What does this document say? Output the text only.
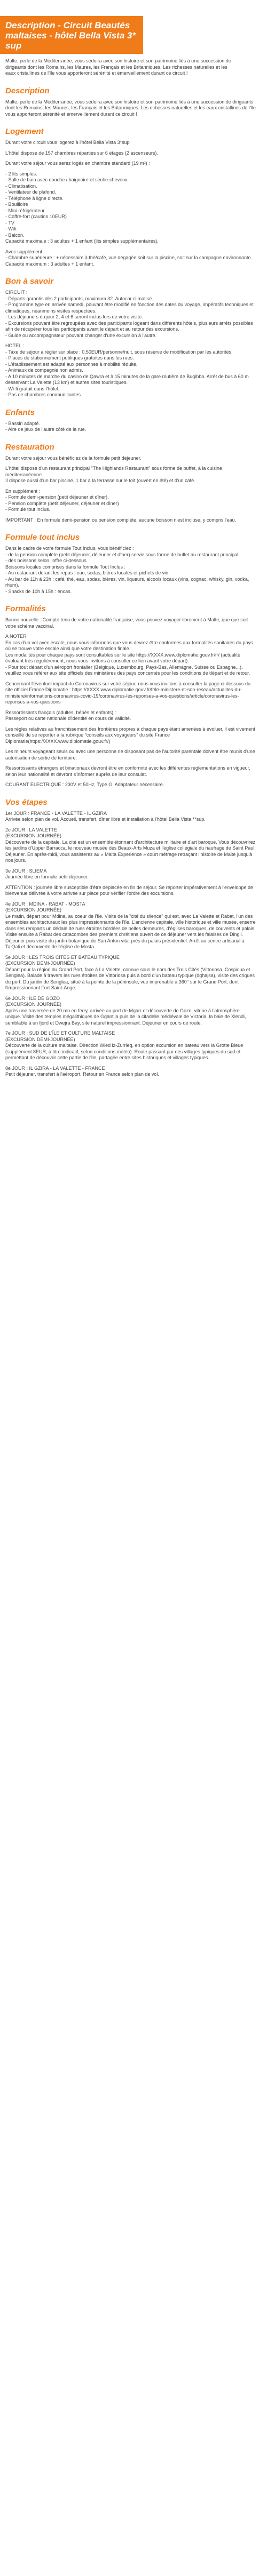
Description - Circuit Beautés maltaises - hôtel Bella Vista 3* sup
Malte, perle de la Méditerranée, vous séduira avec son histoire et son patrimoine liés à une succession de dirigeants dont les Romains, les Maures, les Français et les Britanniques. Les richesses naturelles et les eaux cristallines de l'île vous apporteront sérénité et émerveillement durant ce circuit !
Description

Malte, perle de la Méditerranée, vous séduira avec son histoire et son patrimoine liés à une succession de dirigeants dont les Romains, les Maures, les Français et les Britanniques. Les richesses naturelles et les eaux cristallines de l'île vous apporteront sérénité et émerveillement durant ce circuit !

Logement

Durant votre circuit vous logerez à l'hôtel Bella Vista 3*sup

L'hôtel dispose de 157 chambres réparties sur 6 étages (2 ascenseurs).

Durant votre séjour vous serez logés en chambre standard (19 m²) :

- 2 lits simples.

- Salle de bain avec douche / baignoire et sèche-cheveux.

- Climatisation.

- Ventilateur de plafond.

- Téléphone à ligne directe.

- Bouilloire

- Mini réfrigérateur

- Coffre-fort (caution 10EUR)

- TV

- Wifi.

- Balcon.

Capacité maximale : 3 adultes + 1 enfant (lits simples supplémentaires).

Avec supplément :

- Chambre supérieure : + nécessaire à thé/café, vue dégagée soit sur la piscine, soit sur la campagne environnante. Capacité maximum : 3 adultes + 1 enfant.

Bon à savoir

CIRCUIT :

- Départs garantis dès 2 participants, maximum 32. Autocar climatisé.

- Programme type en arrivée samedi, pouvant être modifié en fonction des dates du voyage, impératifs techniques et climatiques, néanmoins visites respectées.

- Les déjeuners du jour 2, 4 et 6 seront inclus lors de votre visite.

- Excursions pouvant être regroupées avec des participants logeant dans différents hôtels, plusieurs arrêts possibles afin de récupérer tous les participants avant le départ et au retour des excursions.

- Guide ou accompagnateur pouvant changer d'une excursion à l'autre.

HOTEL :

- Taxe de séjour à régler sur place : 0,50EUR/personne/nuit, sous réserve de modification par les autorités

- Places de stationnement publiques gratuites dans les rues.

- L'établissement est adapté aux personnes à mobilité réduite.

- Animaux de compagnie non admis.

- A 10 minutes de marche du casino de Qawra et à 15 minutes de la gare routière de Bugibba. Arrêt de bus à 60 m desservant La Valette (13 km) et autres sites touristiques.

- Wi-fi gratuit dans l'hôtel.

- Pas de chambres communicantes.

Enfants

- Bassin adapté.

- Aire de jeux de l'autre côté de la rue.

Restauration

Durant votre séjour vous bénéficiez de la formule petit déjeuner.

L'hôtel dispose d'un restaurant principal "The Highlands Restaurant" sous forme de buffet, à la cuisine méditerranéenne.

Il dispose aussi d'un bar piscine, 1 bar à la terrasse sur le toit (ouvert en été) et d'un café.

En supplément :

- Formule demi-pension (petit déjeuner et dîner).

- Pension complète (petit déjeuner, déjeuner et dîner)

- Formule tout inclus.

IMPORTANT : En formule demi-pension ou pension complète, aucune boisson n'est incluse, y compris l'eau.

Formule tout inclus

Dans le cadre de votre formule Tout Inclus, vous bénéficiez :

- de la pension complète (petit déjeuner, déjeuner et dîner) servie sous forme de buffet au restaurant principal.

- des boissons selon l'offre ci-dessous.

Boissons locales comprises dans la formule Tout Inclus :

- Au restaurant durant les repas : eau, sodas, bières locales et pichets de vin.

- Au bar de 11h à 23h : café, thé, eau, sodas, bières, vin, liqueurs, alcools locaux (vins, cognac, whisky, gin, vodka, rhum).

- Snacks de 10h à 15h : encas.

Formalités

Bonne nouvelle : Compte tenu de votre nationalité française, vous pouvez voyager librement à Malte, que que soit votre schéma vaccinal.

A NOTER

En cas d'un vol avec escale, nous vous informons que vous devrez être conformes aux formalités sanitaires du pays où se trouve votre escale ainsi que votre destination finale.

Les modalités pour chaque pays sont consultables sur le site https://XXXX.www.diplomatie.gouv.fr/fr/ (actualité évoluant très régulièrement, nous vous invitons à consulter ce lien avant votre départ).

- Pour tout départ d'un aéroport frontalier (Belgique, Luxembourg, Pays-Bas, Allemagne, Suisse ou Espagne...), veuillez vous référer aux site officiels des ministères des pays concernés pour les conditions de départ et de retour.

Concernant l'éventuel impact du Coronavirus sur votre séjour, nous vous invitons à consulter la page ci-dessous du site officiel France Diplomatie : https://XXXX.www.diplomatie.gouv.fr/fr/le-ministere-et-son-reseau/actualites-du-ministere/informations-coronavirus-covid-19/coronavirus-les-reponses-a-vos-questions/article/coronavirus-les-reponses-a-vos-questions

Ressortissants français (adultes, bébés et enfants) :

Passeport ou carte nationale d'identité en cours de validité.

Les règles relatives au franchissement des frontières propres à chaque pays étant amenées à évoluer, il est vivement conseillé de se reporter à la rubrique "conseils aux voyageurs" du site France Diplomatie(https://XXXX.www.diplomatie.gouv.fr/)

Les mineurs voyageant seuls ou avec une personne ne disposant pas de l'autorité parentale doivent être munis d'une autorisation de sortie de territoire.

Ressortissants étrangers et binationaux devront être en conformité avec les différentes réglementations en vigueur, selon leur nationalité et devront s'informer auprès de leur consulat.

COURANT ELECTRIQUE : 230V et 50Hz, Type G. Adaptateur nécessaire.

Vos étapes

1er JOUR : FRANCE - LA VALETTE - IL GZIRA

Arrivée selon plan de vol. Accueil, transfert, dîner libre et installation à l'hôtel Bella Vista **sup.

2e JOUR : LA VALETTE

(EXCURSION JOURNÉE)

Découverte de la capitale. La cité est un ensemble étonnant d'architecture militaire et d'art baroque. Vous découvrirez les jardins d'Upper Barracca, le nouveau musée des Beaux-Arts Muza et l'église collégiale du naufrage de Saint Paul. Déjeuner. En après-midi, vous assisterez au « Malta Experience » court métrage retraçant l'histoire de Malte jusqu'à nos jours.

3e JOUR : SLIEMA

Journée libre en formule petit déjeuner.

ATTENTION : journée libre susceptible d'être déplacée en fin de séjour. Se reporter impérativement à l'enveloppe de bienvenue délivrée à votre arrivée sur place pour vérifier l'ordre des excursions.

4e JOUR : MDINA - RABAT - MOSTA

(EXCURSION JOURNÉE)

Le matin, départ pour Mdina, au coeur de l'île. Visite de la "cité du silence" qui est, avec La Valette et Rabat, l'un des ensembles architecturaux les plus impressionnants de l'île. L'ancienne capitale, ville historique et ville musée, enserre dans ses remparts un dédale de rues étroites bordées de belles demeures, d'églises baroques, de couvents et palais. Visite ensuite à Rabat des catacombes des premiers chrétiens ouvert de ce déjeuner vers les falaises de Dingli. Déjeuner puis visite du jardin botanique de San Anton vital près du palais présidentiel. Arrêt au centre artisanal à Ta'Qali et découverte de l'église de Mosta.

5e JOUR : LES TROIS CITÉS ET BATEAU TYPIQUE

(EXCURSION DEMI-JOURNÉE)

Départ pour la région du Grand Port, face à La Valette, connue sous le nom des Trois Cités (Vittoriosa, Cospicua et Senglea). Balade à travers les rues étroites de Vittoriosa puis à bord d'un bateau typique (dghajsa), visite des criques du port. Du jardin de Senglea, situé à la pointe de la péninsule, vue imprenable à 360° sur le Grand Port, dont l'impressionnant Fort Saint-Ange.

6e JOUR : ÎLE DE GOZO

(EXCURSION JOURNÉE)

Après une traversée de 20 mn en ferry, arrivée au port de Mgarr et découverte de Gozo, vitrine à l'atmosphère unique. Visite des temples mégalithiques de Ggantija puis de la citadelle médiévale de Victoria, la baie de Xlendi, semblable à un fjord et Dwejra Bay, site naturel impressionnant. Déjeuner en cours de route.

7e JOUR : SUD DE L'ÎLE ET CULTURE MALTAISE

(EXCURSION DEMI-JOURNÉE)

Découverte de la culture maltaise. Direction Wied iz-Zurrieq, en option excursion en bateau vers la Grotte Bleue (supplément 8EUR, à titre indicatif, selon conditions météo). Route passant par des villages typiques du sud et permettant de découvrir cette partie de l'île, partagée entre sites historiques et villages typiques.

8e JOUR : IL GZIRA - LA VALETTE - FRANCE

Petit déjeuner, transfert à l'aéroport. Retour en France selon plan de vol.
